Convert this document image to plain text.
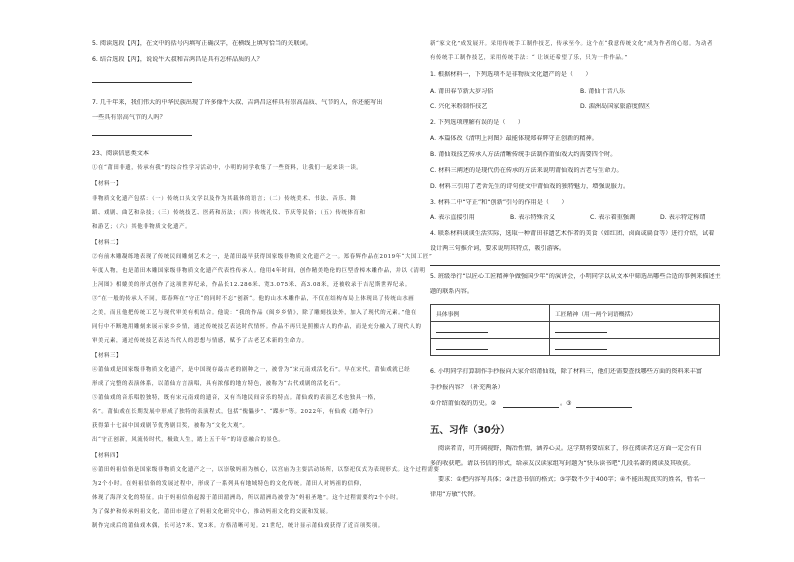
5. 阅读选段【丙】，在文中的括号内填写正确汉字，在横线上填写恰当的关联词。
6. 结合选段【丙】，说说牛大叔和吉鸿昌是具有怎样品质的人？
7. 几千年来，我们伟大的中华民族出现了许多像牛大叔、吉鸿昌这样具有崇高品质、气节的人，你还能写出
一些具有崇高气节的人吗？
23、阅读信息类文本
①在“莆田非遗，传承有我”的综合性学习活动中，小明的同学收集了一些资料，让我们一起来读一读。
【材料一】
非物质文化遗产包括：（一）传统口头文学以及作为其载体的语言；（二）传统美术、书法、音乐、舞
蹈、戏剧、曲艺和杂技；（三）传统技艺、医药和历法；（四）传统礼仪、节庆等民俗；（五）传统体育和
和游艺；（六）其他非物质文化遗产。
【材料二】
②有前木雕凝练地表现了传统民间雕刻艺术之一，是莆田最早获得国家级非物质文化遗产之一。郑春辉作品在2019年“大国工匠”
年度人物，也是莆田木雕国家级非物质文化遗产代表性传承人。他用4年时间，创作精美绝伦的巨型香樟木雕作品，并以《清明
上河图》相媲美的形式创作了这项世界纪录，作品长12.286米、宽3.075米、高3.08米，还被收录于吉尼斯世界纪录。
③“在一般的传承人不同，郑春辉在”守正“的同时不忘”创新“。他的山水木雕作品，不仅在结构布局上体现出了传统山水画
之美，而且他把传统工艺与现代审美有机结合。他说：“我的作品《闽乡乡情》，除了雕刻技法外，加入了现代的元素。”他在
同行中不断地用雕刻来展示家乡乡情，通过传统技艺表达时代情怀。作品不再只是照搬古人的作品，而是充分融入了现代人的
审美元素，通过传统技艺表达当代人的思想与情感，赋予了古老艺术新的生命力。
【材料三】
④莆仙戏是国家级非物质文化遗产，是中国现存最古老的剧种之一，被誉为“宋元南戏活化石”。早在宋代，莆仙戏就已经
形成了完整的表演体系，以莆仙方言演唱，具有浓郁的地方特色，被称为“古代戏剧的活化石”。
⑤莆仙戏的音乐唱腔独特，既有宋元南戏的遗音，又有当地民间音乐的特点。莆仙戏的表演艺术也独具一格，
名”。莆仙戏在长期发展中形成了独特的表演程式，包括“傀儡步”、“蹀步”等。2022年，有仙戏《踏伞行》
获得第十七届中国戏剧节优秀剧目奖，被称为“文化大观”。
出“守正创新，风流传时代，极致人生，踏上五千年”的诗意融合的景色。
【材料四】
⑥莆田妈祖信俗是国家级非物质文化遗产之一，以崇敬妈祖为核心，以宫庙为主要活动场所，以祭祀仪式为表现形式。这个过程需要
为2个小时。在妈祖信俗的发展过程中，形成了一系列具有地域特色的文化传统。莆田人对妈祖的信仰，
体现了海洋文化的特征。由于妈祖信俗起源于莆田湄洲岛，所以湄洲岛被誉为“妈祖圣地”。这个过程需要约2个小时。
为了保护和传承妈祖文化，莆田市建立了妈祖文化研究中心，推动妈祖文化的交流和发展。
制作完成后的莆仙戏木偶，长可达7米、宽3米。方格清晰可见。21世纪，统计显示莆仙戏获得了近百项奖项。
新“家文化”成发展开。采用传统手工制作技艺，传承至今。这个在“我意传统文化”成为作者的心愿。为动者
有传统手工制作技艺，采用传统手法：“ 让该还希望了乐，只为一件作品。”
1. 根据材料一，下列选项不是非物质文化遗产的是（　　）
A. 莆田春节新大岁习俗	B. 莆仙十音八乐
C. 兴化米粉制作技艺	D. 湄洲岛国家旅游度假区
2. 下列选项理解有误的是（　　）
A. 本篇体改《清明上河图》最能体现郑春辉守正创新的精神。
B. 莆仙戏技艺传承人方法清晰传统手法制作莆仙戏大约需要四个时。
C. 材料三阐述的是现代仍在传承的方法来说明莆仙戏的古老与生命力。
D. 材料三引用了老舍先生的诗句使文中莆仙戏的独特魅力，增强说服力。
3. 材料二中“守正”和“创新”引号的作用是（　　）
A. 表示直接引用	B. 表示特殊含义	C. 表示着重强调	D. 表示特定称谓
4. 联系材料谈谈生活实际，选取一种莆田非遗艺术作者的美食（如红团、卤面或扁食等）进行介绍，试着
设计两三句推介词，要求说明其特点，吸引游客。
5. 班级举行“以匠心工匠精神争做强国少年”的演讲会，小明同学以从文本中筛选出哪些合适的事例来描述主
题的联系内容。
具体事例	工匠精神（用一两个词语概括）

6. 小明同学打算制作手抄报向大家介绍莆仙戏，除了材料三，他们还需要查找哪些方面的资料来丰富
手抄报内容？（补充两条）
①介绍莆仙戏的历史。②	。③
五、习作（30分）
阅读者青，可开阔视野，陶冶性情，涵养心灵。这学期将要结束了，你在阅读者这方面一定会有自
多的收获吧。请以书信的形式，给亲友汉读家组写封题为“快乐读书吧”几段名著的阅读及其收获。
要求：①把内容写具体；②注意书信的格式；③字数不少于400字；④不能出现真实的姓名，暂名一
律用“方敏”代替。
